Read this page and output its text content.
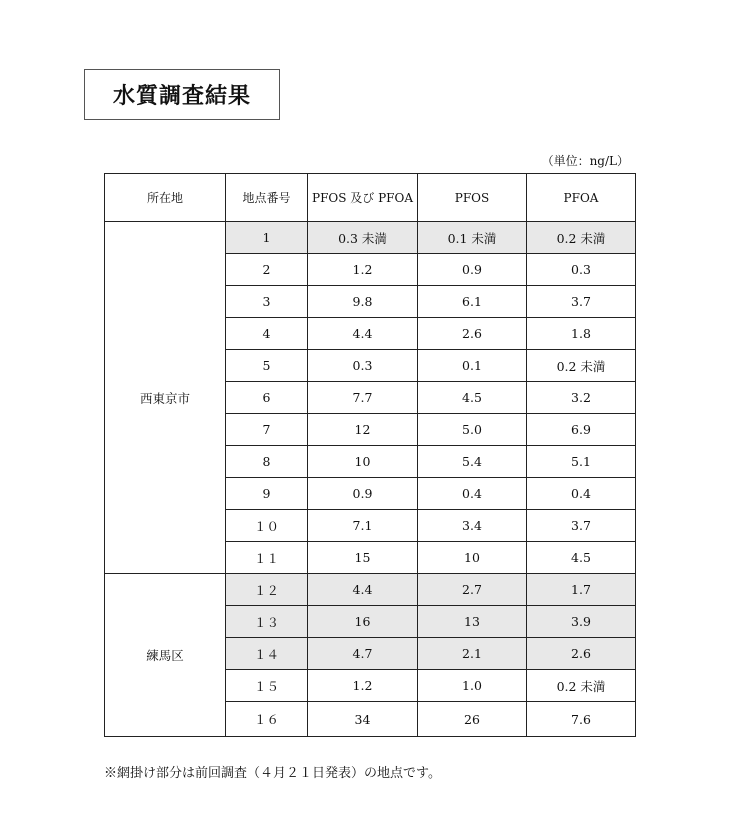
水質調査結果
（単位：ng/L）
所在地	地点番号	PFOS 及び PFOA	PFOS	PFOA
西東京市	1	0.3 未満	0.1 未満	0.2 未満
	2	1.2	0.9	0.3
	3	9.8	6.1	3.7
	4	4.4	2.6	1.8
	5	0.3	0.1	0.2 未満
	6	7.7	4.5	3.2
	7	12	5.0	6.9
	8	10	5.4	5.1
	9	0.9	0.4	0.4
	１０	7.1	3.4	3.7
	１１	15	10	4.5
練馬区	１２	4.4	2.7	1.7
	１３	16	13	3.9
	１４	4.7	2.1	2.6
	１５	1.2	1.0	0.2 未満
	１６	34	26	7.6
※網掛け部分は前回調査（４月２１日発表）の地点です。
